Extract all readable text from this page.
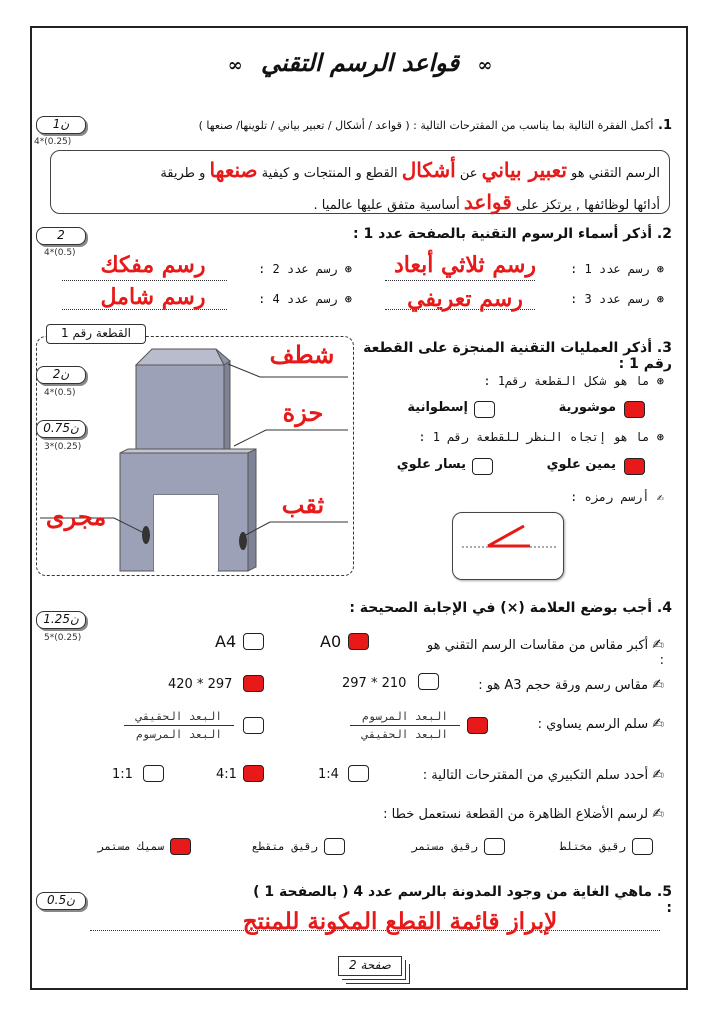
∞ قواعد الرسم التقني ∞
1ن
4*(0.25)
1. أكمل الفقرة التالية بما يناسب من المقترحات التالية : ( قواعد / أشكال / تعبير بياني / تلوينها/ صنعها )
الرسم التقني هو تعبير بياني عن أشكال القطع و المنتجات و كيفية صنعها و طريقة
أدائها لوظائفها , يرتكز على قواعد أساسية متفق عليها عالميا .
2
4*(0.5)
2. أذكر أسماء الرسوم التقنية بالصفحة عدد 1 :
⊛ رسم عدد 1 :
رسم ثلاثي أبعاد
⊛ رسم عدد 2 :
رسم مفكك
⊛ رسم عدد 3 :
رسم تعريفي
⊛ رسم عدد 4 :
رسم شامل
القطعة رقم 1
شطف
حزة
ثقب
مجرى
2ن
4*(0.5)
0.75ن
3*(0.25)
3. أذكر العمليات التقنية المنجزة على القطعة رقم 1 :
⊛ ما هو شكل القطعة رقم1 :
موشورية
إسطوانية
⊛ ما هو إتجاه النظر للقطعة رقم 1 :
يمين علوي
يسار علوي
✍ أرسم رمزه :
1.25ن
5*(0.25)
4. أجب بوضع العلامة (×) في الإجابة الصحيحة :
✍ أكبر مقاس من مقاسات الرسم التقني هو :
A0
A4
✍ مقاس رسم ورقة حجم A3 هو :
297 * 210
420 * 297
✍ سلم الرسم يساوي :
البعد المرسوم
البعد الحقيقي
البعد الحقيقي
البعد المرسوم
✍ أحدد سلم التكبيري من المقترحات التالية :
1:4
4:1
1:1
✍ لرسم الأضلاع الظاهرة من القطعة نستعمل خطا :
رقيق مختلط
رقيق مستمر
رقيق متقطع
سميك مستمر
0.5ن	5. ماهي الغاية من وجود المدونة بالرسم عدد 4 ( بالصفحة 1 ) :
لإبراز قائمة القطع المكونة للمنتج
صفحة 2
